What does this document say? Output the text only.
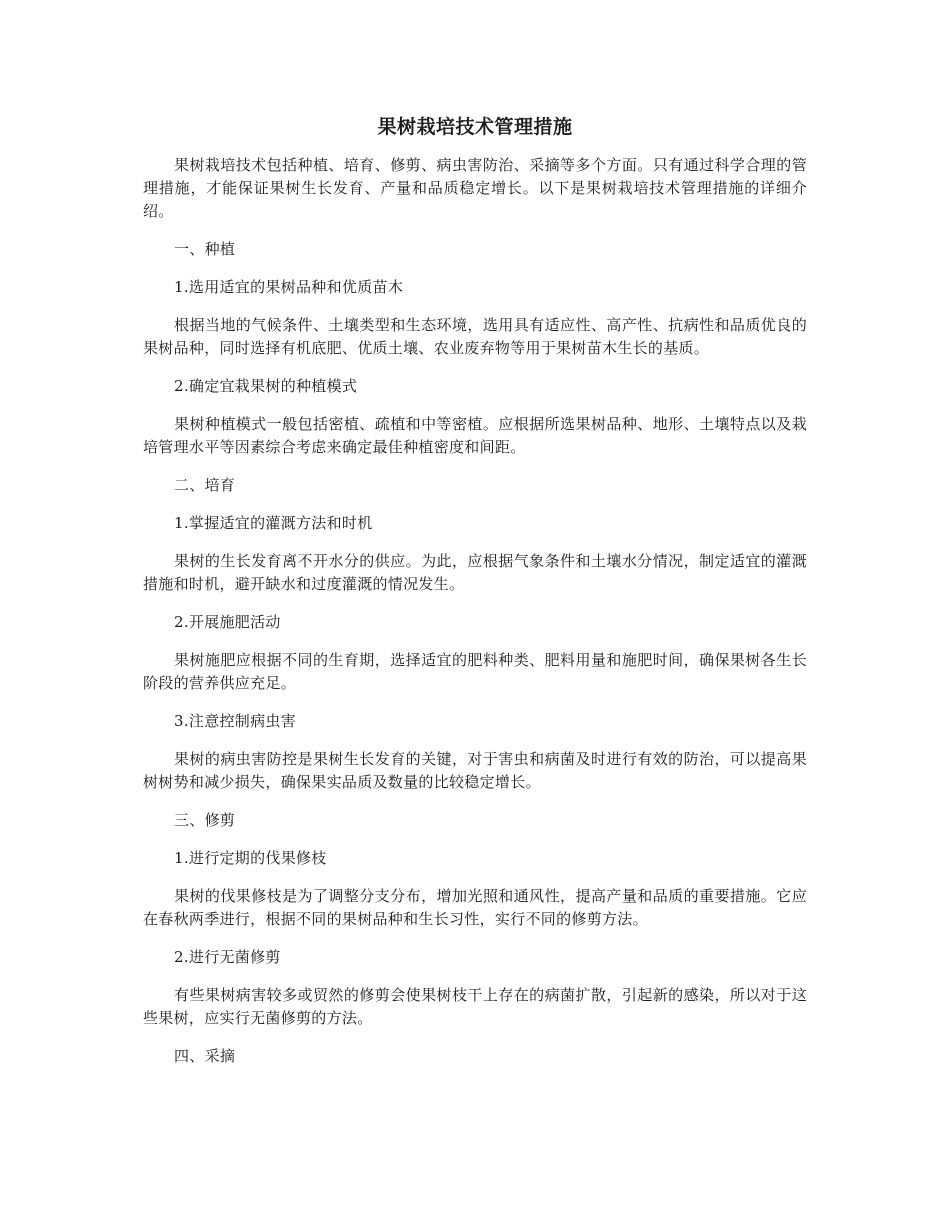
果树栽培技术管理措施

果树栽培技术包括种植、培育、修剪、病虫害防治、采摘等多个方面。只有通过科学合理的管理措施，才能保证果树生长发育、产量和品质稳定增长。以下是果树栽培技术管理措施的详细介绍。

一、种植

1.选用适宜的果树品种和优质苗木

根据当地的气候条件、土壤类型和生态环境，选用具有适应性、高产性、抗病性和品质优良的果树品种，同时选择有机底肥、优质土壤、农业废弃物等用于果树苗木生长的基质。

2.确定宜栽果树的种植模式

果树种植模式一般包括密植、疏植和中等密植。应根据所选果树品种、地形、土壤特点以及栽培管理水平等因素综合考虑来确定最佳种植密度和间距。

二、培育

1.掌握适宜的灌溉方法和时机

果树的生长发育离不开水分的供应。为此，应根据气象条件和土壤水分情况，制定适宜的灌溉措施和时机，避开缺水和过度灌溉的情况发生。

2.开展施肥活动

果树施肥应根据不同的生育期，选择适宜的肥料种类、肥料用量和施肥时间，确保果树各生长阶段的营养供应充足。

3.注意控制病虫害

果树的病虫害防控是果树生长发育的关键，对于害虫和病菌及时进行有效的防治，可以提高果树树势和减少损失，确保果实品质及数量的比较稳定增长。

三、修剪

1.进行定期的伐果修枝

果树的伐果修枝是为了调整分支分布，增加光照和通风性，提高产量和品质的重要措施。它应在春秋两季进行，根据不同的果树品种和生长习性，实行不同的修剪方法。

2.进行无菌修剪

有些果树病害较多或贸然的修剪会使果树枝干上存在的病菌扩散，引起新的感染，所以对于这些果树，应实行无菌修剪的方法。

四、采摘
